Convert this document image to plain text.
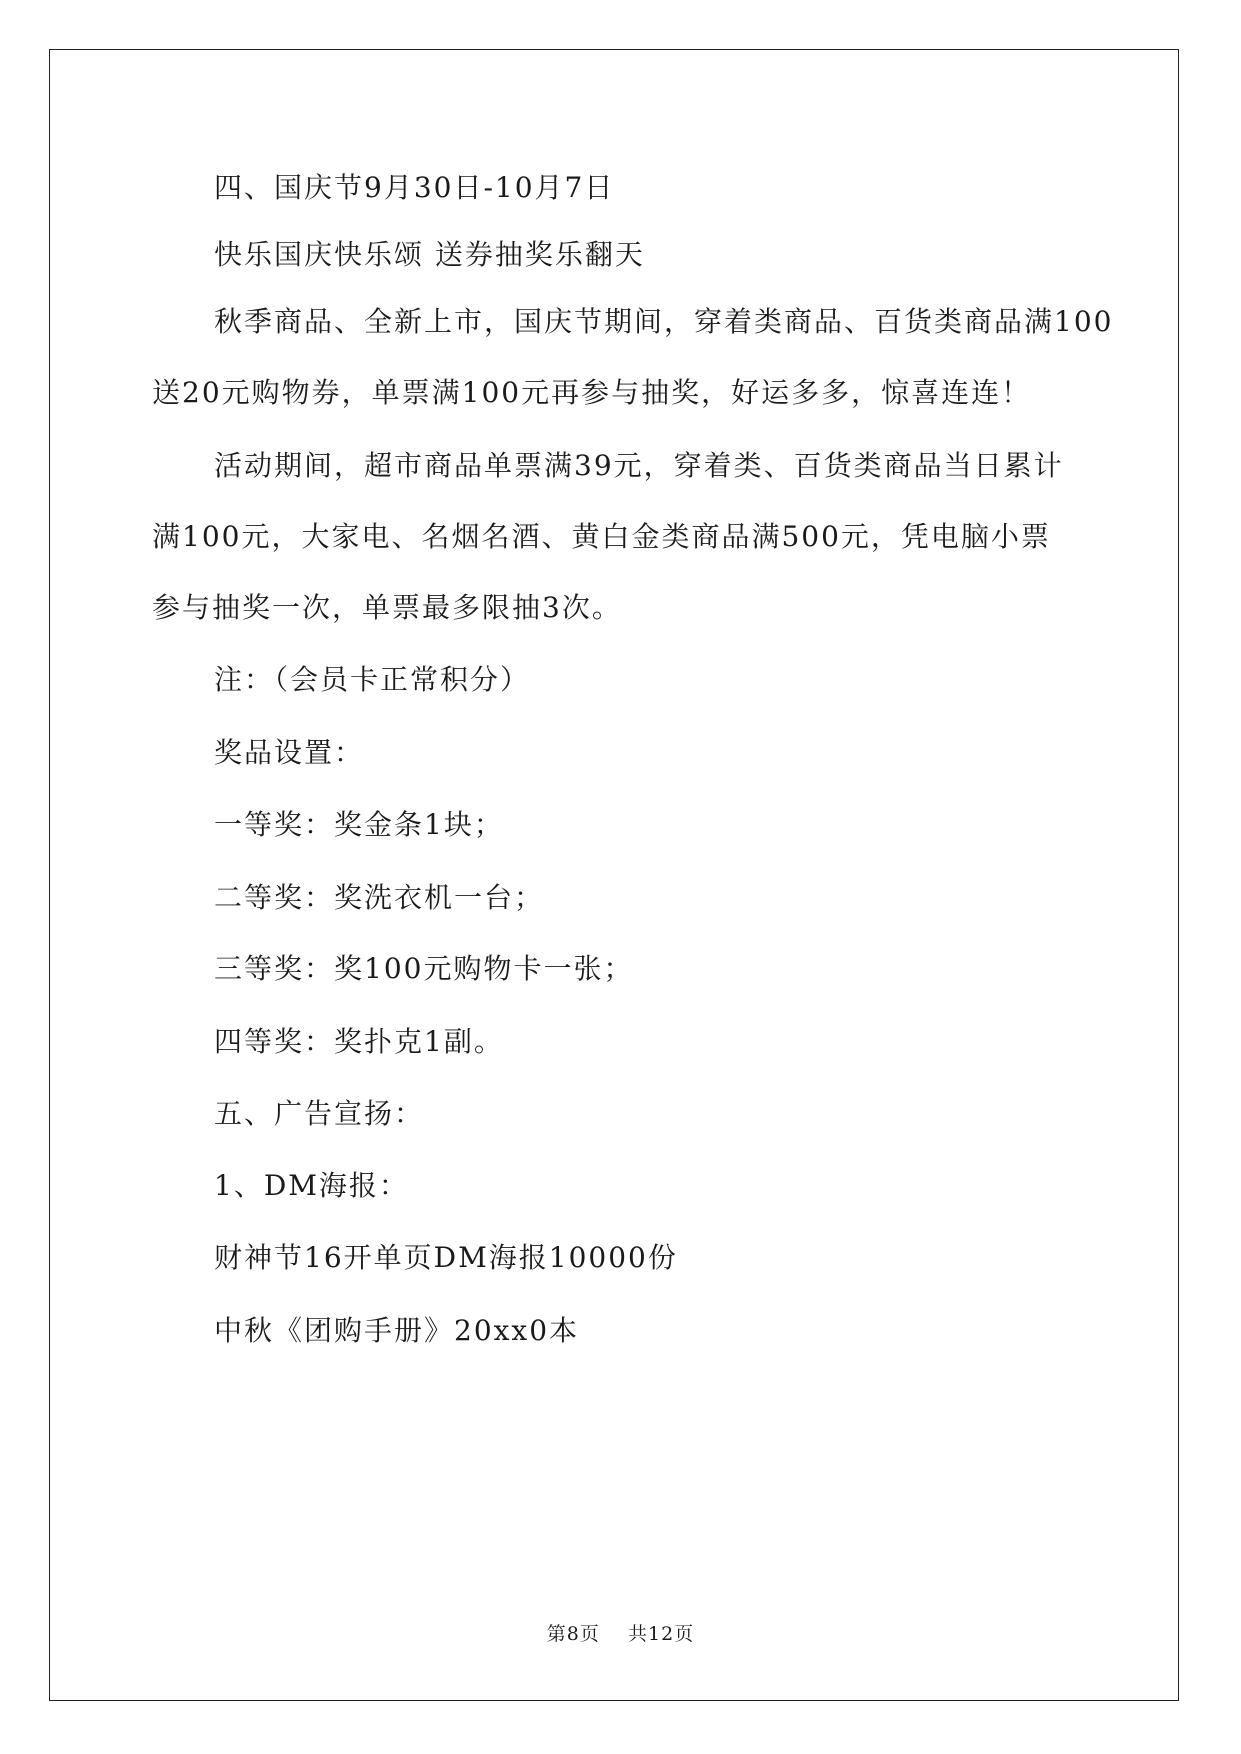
四、国庆节9月30日-10月7日
快乐国庆快乐颂 送券抽奖乐翻天
秋季商品、全新上市，国庆节期间，穿着类商品、百货类商品满100
送20元购物券，单票满100元再参与抽奖，好运多多，惊喜连连！
活动期间，超市商品单票满39元，穿着类、百货类商品当日累计
满100元，大家电、名烟名酒、黄白金类商品满500元，凭电脑小票
参与抽奖一次，单票最多限抽3次。
注：（会员卡正常积分）
奖品设置：
一等奖：奖金条1块；
二等奖：奖洗衣机一台；
三等奖：奖100元购物卡一张；
四等奖：奖扑克1副。
五、广告宣扬：
1、DM海报：
财神节16开单页DM海报10000份
中秋《团购手册》20xx0本
第8页 共12页
